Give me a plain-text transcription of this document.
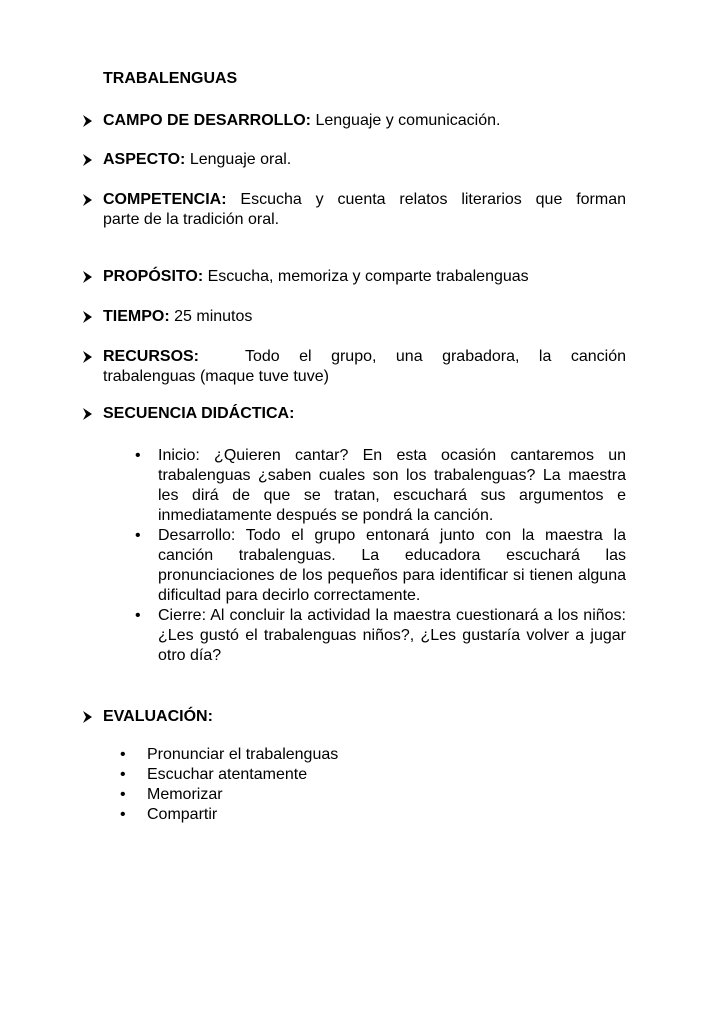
TRABALENGUAS
CAMPO DE DESARROLLO: Lenguaje y comunicación.
ASPECTO: Lenguaje oral.
COMPETENCIA: Escucha y cuenta relatos literarios que forman
parte de la tradición oral.
PROPÓSITO: Escucha, memoriza y comparte trabalenguas
TIEMPO: 25 minutos
RECURSOS:	Todo el grupo, una grabadora, la canción
trabalenguas (maque tuve tuve)
SECUENCIA DIDÁCTICA:
• Inicio: ¿Quieren cantar? En esta ocasión cantaremos un trabalenguas ¿saben cuales son los trabalenguas? La maestra les dirá de que se tratan, escuchará sus argumentos e inmediatamente después se pondrá la canción.
• Desarrollo: Todo el grupo entonará junto con la maestra la canción trabalenguas. La educadora escuchará las pronunciaciones de los pequeños para identificar si tienen alguna dificultad para decirlo correctamente.
• Cierre: Al concluir la actividad la maestra cuestionará a los niños: ¿Les gustó el trabalenguas niños?, ¿Les gustaría volver a jugar otro día?
EVALUACIÓN:
• Pronunciar el trabalenguas
• Escuchar atentamente
• Memorizar
• Compartir
